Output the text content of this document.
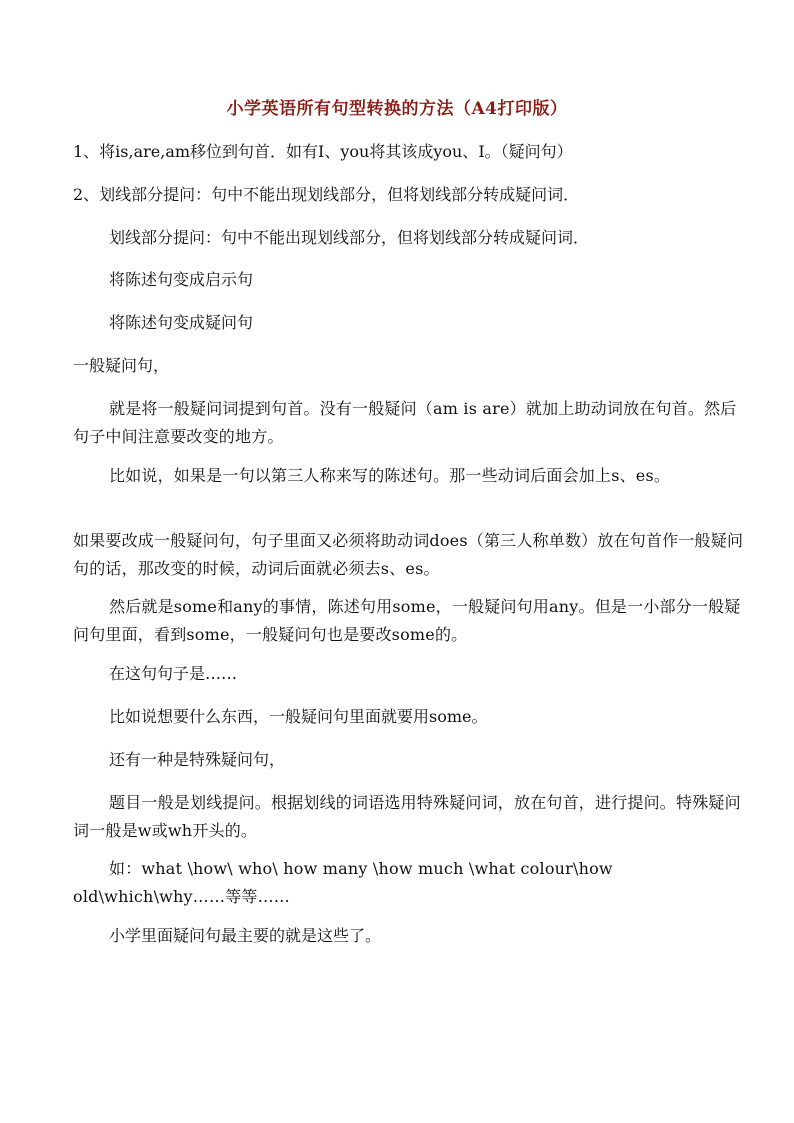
小学英语所有句型转换的方法（A4打印版）
1、将is,are,am移位到句首．如有I、you将其该成you、I。（疑问句）
2、划线部分提问：句中不能出现划线部分，但将划线部分转成疑问词．
划线部分提问：句中不能出现划线部分，但将划线部分转成疑问词．
将陈述句变成启示句
将陈述句变成疑问句
一般疑问句，
就是将一般疑问词提到句首。没有一般疑问（am is are）就加上助动词放在句首。然后句子中间注意要改变的地方。
比如说，如果是一句以第三人称来写的陈述句。那一些动词后面会加上s、es。
如果要改成一般疑问句，句子里面又必须将助动词does（第三人称单数）放在句首作一般疑问句的话，那改变的时候，动词后面就必须去s、es。
然后就是some和any的事情，陈述句用some，一般疑问句用any。但是一小部分一般疑问句里面，看到some，一般疑问句也是要改some的。
在这句句子是……
比如说想要什么东西，一般疑问句里面就要用some。
还有一种是特殊疑问句，
题目一般是划线提问。根据划线的词语选用特殊疑问词，放在句首，进行提问。特殊疑问词一般是w或wh开头的。
如：what \how\ who\ how many \how much \what colour\how old\which\why……等等……
小学里面疑问句最主要的就是这些了。
